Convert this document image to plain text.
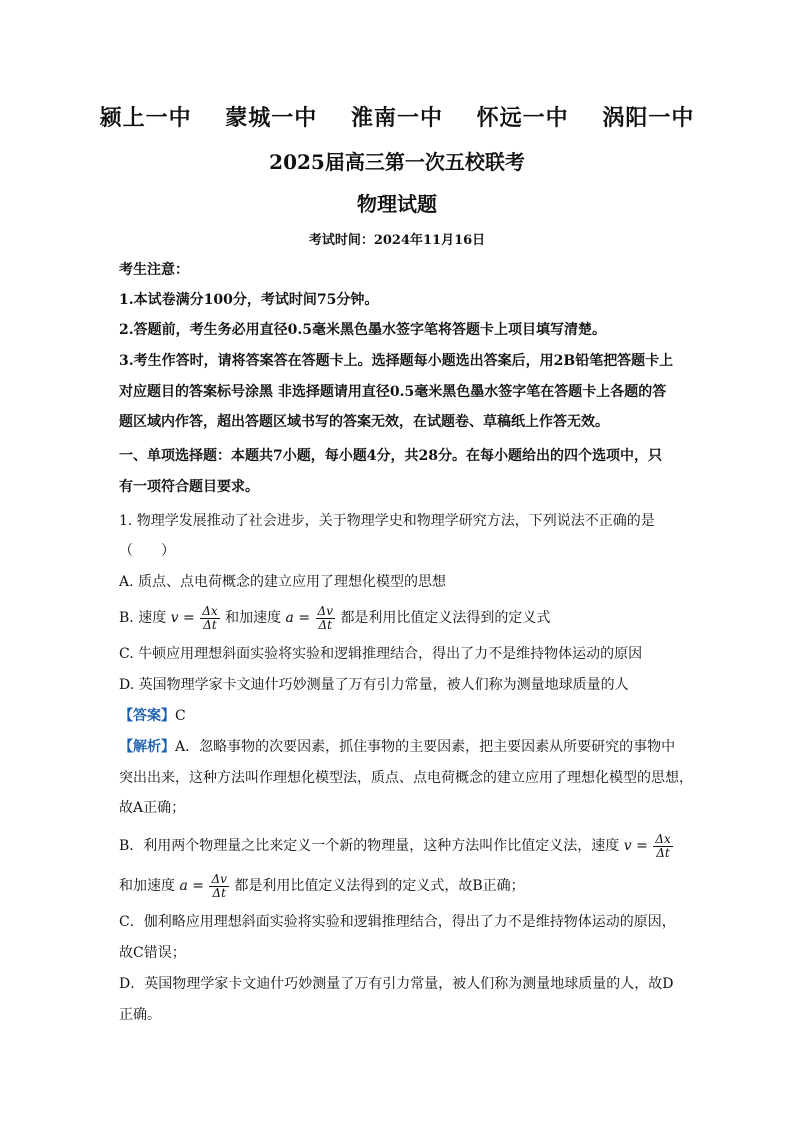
颍上一中 蒙城一中 淮南一中 怀远一中 涡阳一中
2025届高三第一次五校联考
物理试题
考试时间：2024年11月16日
考生注意：
1.本试卷满分100分，考试时间75分钟。
2.答题前，考生务必用直径0.5毫米黑色墨水签字笔将答题卡上项目填写清楚。
3.考生作答时，请将答案答在答题卡上。选择题每小题选出答案后，用2B铅笔把答题卡上
对应题目的答案标号涂黑 非选择题请用直径0.5毫米黑色墨水签字笔在答题卡上各题的答
题区域内作答，超出答题区域书写的答案无效，在试题卷、草稿纸上作答无效。
一、单项选择题：本题共7小题，每小题4分，共28分。在每小题给出的四个选项中，只
有一项符合题目要求。
1. 物理学发展推动了社会进步，关于物理学史和物理学研究方法，下列说法不正确的是
（　　）
A. 质点、点电荷概念的建立应用了理想化模型的思想
B. 速度 $v = \frac{\Delta x}{\Delta t}$ 和加速度 $a = \frac{\Delta v}{\Delta t}$ 都是利用比值定义法得到的定义式
C. 牛顿应用理想斜面实验将实验和逻辑推理结合，得出了力不是维持物体运动的原因
D. 英国物理学家卡文迪什巧妙测量了万有引力常量，被人们称为测量地球质量的人
【答案】C
【解析】A．忽略事物的次要因素，抓住事物的主要因素，把主要因素从所要研究的事物中
突出出来，这种方法叫作理想化模型法，质点、点电荷概念的建立应用了理想化模型的思想，
故A正确；
B．利用两个物理量之比来定义一个新的物理量，这种方法叫作比值定义法，速度 $v = \frac{\Delta x}{\Delta t}$
和加速度 $a = \frac{\Delta v}{\Delta t}$ 都是利用比值定义法得到的定义式，故B正确；
C．伽利略应用理想斜面实验将实验和逻辑推理结合，得出了力不是维持物体运动的原因，
故C错误；
D．英国物理学家卡文迪什巧妙测量了万有引力常量，被人们称为测量地球质量的人，故D
正确。
